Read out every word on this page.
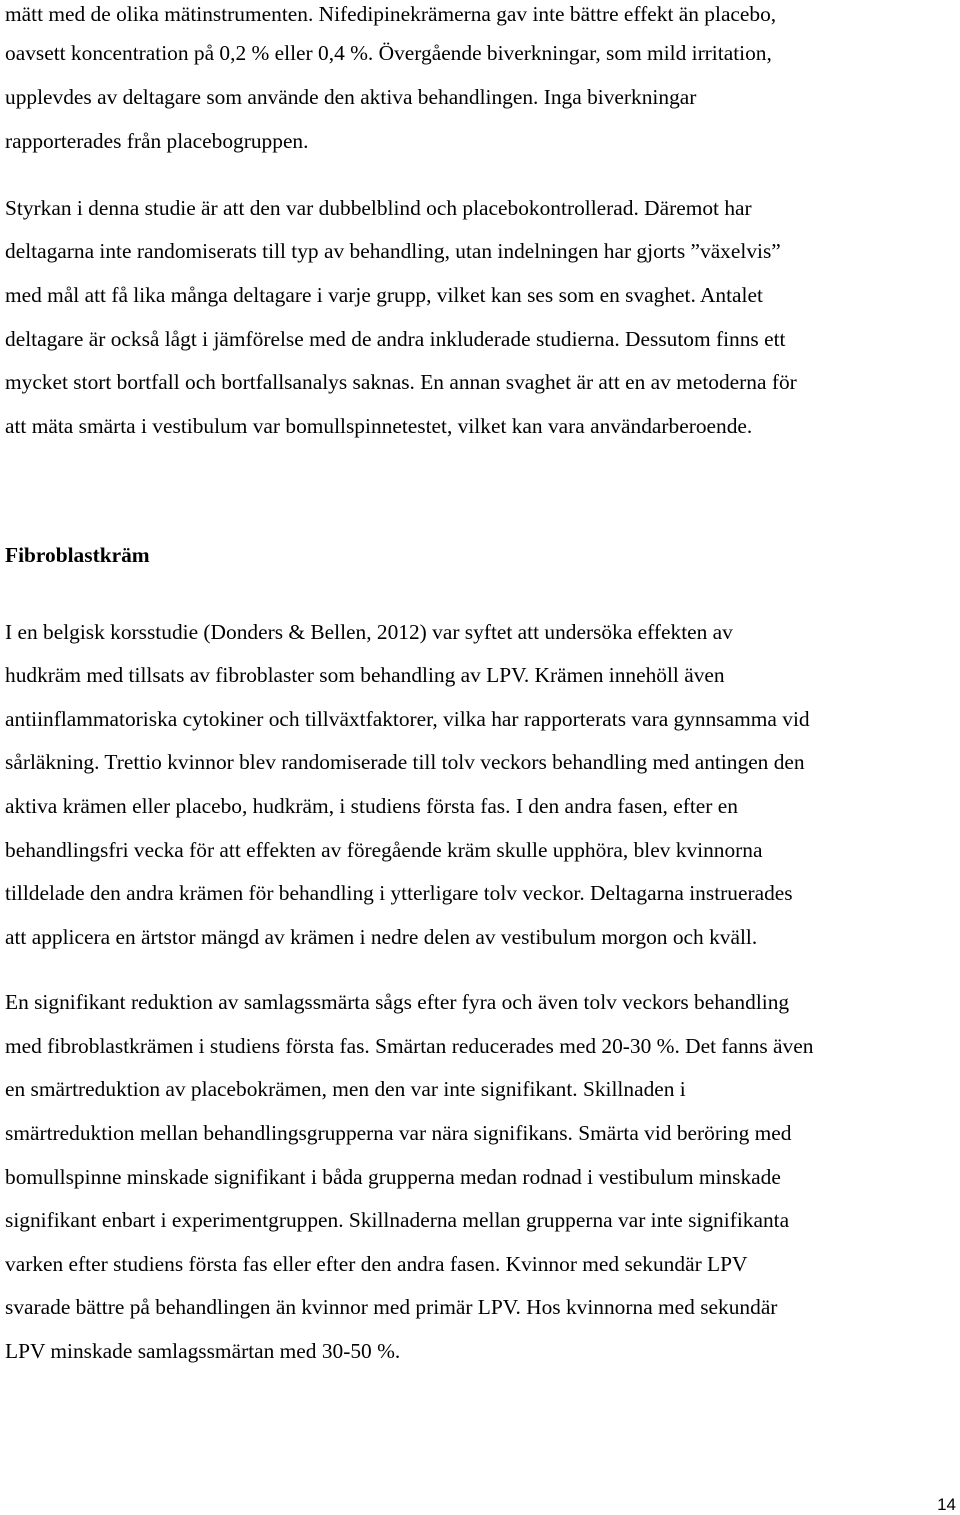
mätt med de olika mätinstrumenten. Nifedipinekrämerna gav inte bättre effekt än placebo,
oavsett koncentration på 0,2 % eller 0,4 %. Övergående biverkningar, som mild irritation,
upplevdes av deltagare som använde den aktiva behandlingen. Inga biverkningar
rapporterades från placebogruppen.
Styrkan i denna studie är att den var dubbelblind och placebokontrollerad. Däremot har
deltagarna inte randomiserats till typ av behandling, utan indelningen har gjorts ”växelvis”
med mål att få lika många deltagare i varje grupp, vilket kan ses som en svaghet. Antalet
deltagare är också lågt i jämförelse med de andra inkluderade studierna. Dessutom finns ett
mycket stort bortfall och bortfallsanalys saknas. En annan svaghet är att en av metoderna för
att mäta smärta i vestibulum var bomullspinnetestet, vilket kan vara användarberoende.
Fibroblastkräm
I en belgisk korsstudie (Donders & Bellen, 2012) var syftet att undersöka effekten av
hudkräm med tillsats av fibroblaster som behandling av LPV. Krämen innehöll även
antiinflammatoriska cytokiner och tillväxtfaktorer, vilka har rapporterats vara gynnsamma vid
sårläkning. Trettio kvinnor blev randomiserade till tolv veckors behandling med antingen den
aktiva krämen eller placebo, hudkräm, i studiens första fas. I den andra fasen, efter en
behandlingsfri vecka för att effekten av föregående kräm skulle upphöra, blev kvinnorna
tilldelade den andra krämen för behandling i ytterligare tolv veckor. Deltagarna instruerades
att applicera en ärtstor mängd av krämen i nedre delen av vestibulum morgon och kväll.
En signifikant reduktion av samlagssmärta sågs efter fyra och även tolv veckors behandling
med fibroblastkrämen i studiens första fas. Smärtan reducerades med 20-30 %. Det fanns även
en smärtreduktion av placebokrämen, men den var inte signifikant. Skillnaden i
smärtreduktion mellan behandlingsgrupperna var nära signifikans. Smärta vid beröring med
bomullspinne minskade signifikant i båda grupperna medan rodnad i vestibulum minskade
signifikant enbart i experimentgruppen. Skillnaderna mellan grupperna var inte signifikanta
varken efter studiens första fas eller efter den andra fasen. Kvinnor med sekundär LPV
svarade bättre på behandlingen än kvinnor med primär LPV. Hos kvinnorna med sekundär
LPV minskade samlagssmärtan med 30-50 %.
14
